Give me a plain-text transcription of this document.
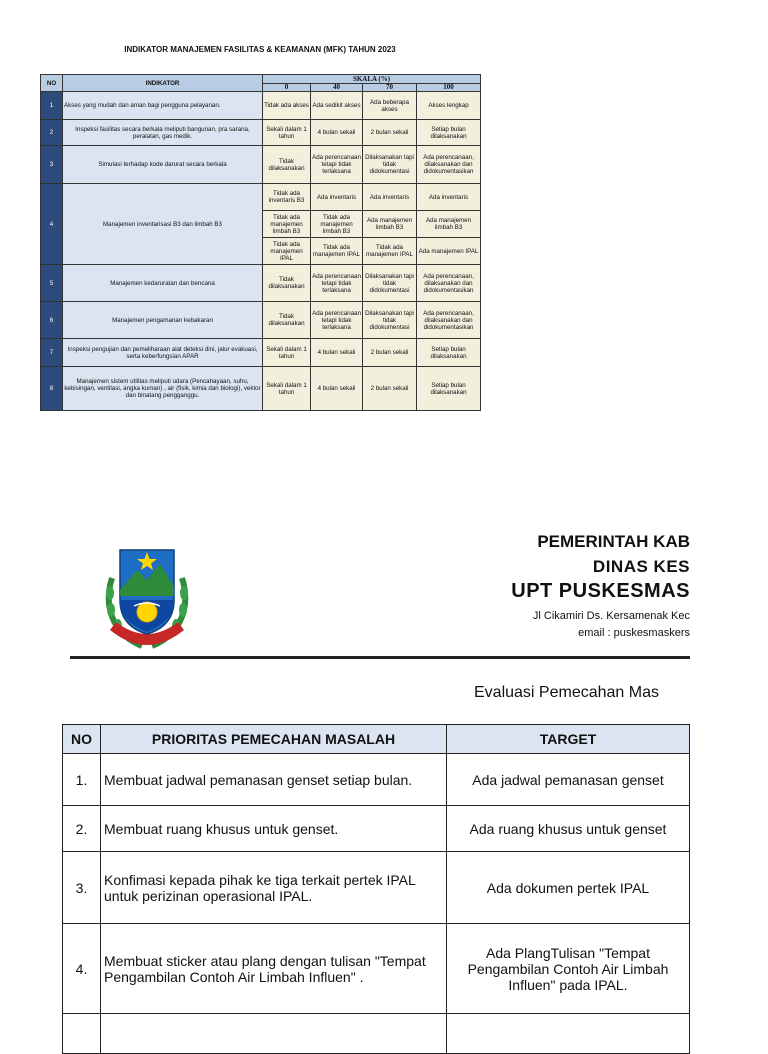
INDIKATOR MANAJEMEN FASILITAS & KEAMANAN (MFK) TAHUN 2023
NO	INDIKATOR	SKALA (%)			
		0	40	70	100
1	Akses yang mudah dan aman bagi pengguna pelayanan.	Tidak ada akses	Ada sedikit akses	Ada beberapa akses	Akses lengkap
2	Inspeksi fasilitas secara berkala meliputi bangunan, pra sarana, peralatan, gas medik.	Sekali dalam 1 tahun	4 bulan sekali	2 bulan sekali	Setiap bulan dilaksanakan
3	Simulasi terhadap kode darurat secara berkala	Tidak dilaksanakan	Ada perencanaan tetapi tidak terlaksana	Dilaksanakan tapi tidak didokumentasi	Ada perencanaan, dilaksanakan dan didokumentasikan
4	Manajemen inventarisasi B3 dan limbah B3	Tidak ada inventaris B3	Ada inventaris	Ada inventaris	Ada inventaris
		Tidak ada manajemen limbah B3	Tidak ada manajemen limbah B3	Ada manajemen limbah B3	Ada manajemen limbah B3
		Tidak ada manajemen IPAL	Tidak ada manajemen IPAL	Tidak ada manajemen IPAL	Ada manajemen IPAL
5	Manajemen kedaruratan dan bencana	Tidak dilaksanakan	Ada perencanaan tetapi tidak terlaksana	Dilaksanakan tapi tidak didokumentasi	Ada perencanaan, dilaksanakan dan didokumentasikan
6	Manajemen pengamanan kebakaran	Tidak dilaksanakan	Ada perencanaan tetapi tidak terlaksana	Dilaksanakan tapi tidak didokumentasi	Ada perencanaan, dilaksanakan dan didokumentasikan
7	Inspeksi pengujian dan pemeliharaan alat deteksi dini, jalur evakuasi, serta keberfungsian APAR	Sekali dalam 1 tahun	4 bulan sekali	2 bulan sekali	Setiap bulan dilaksanakan
8	Manajemen sistem utilitas meliputi udara (Pencahayaan, suhu, kebisingan, ventilasi, angka kuman) , air (fisik, kimia dan biologi), vektor dan binatang pengganggu.	Sekali dalam 1 tahun	4 bulan sekali	2 bulan sekali	Setiap bulan dilaksanakan
PEMERINTAH KAB
DINAS KES
UPT PUSKESMAS
Jl Cikamiri Ds. Kersamenak Kec
email : puskesmaskers
Evaluasi Pemecahan Mas
NO	PRIORITAS PEMECAHAN MASALAH	TARGET
1.	Membuat jadwal pemanasan genset setiap bulan.	Ada jadwal pemanasan genset
2.	Membuat ruang khusus untuk genset.	Ada ruang khusus untuk genset
3.	Konfimasi kepada pihak ke tiga terkait pertek IPAL untuk perizinan operasional IPAL.	Ada dokumen pertek IPAL
4.	Membuat sticker atau plang dengan tulisan "Tempat Pengambilan Contoh Air Limbah Influen" .	Ada PlangTulisan "Tempat Pengambilan Contoh Air Limbah Influen" pada IPAL.
